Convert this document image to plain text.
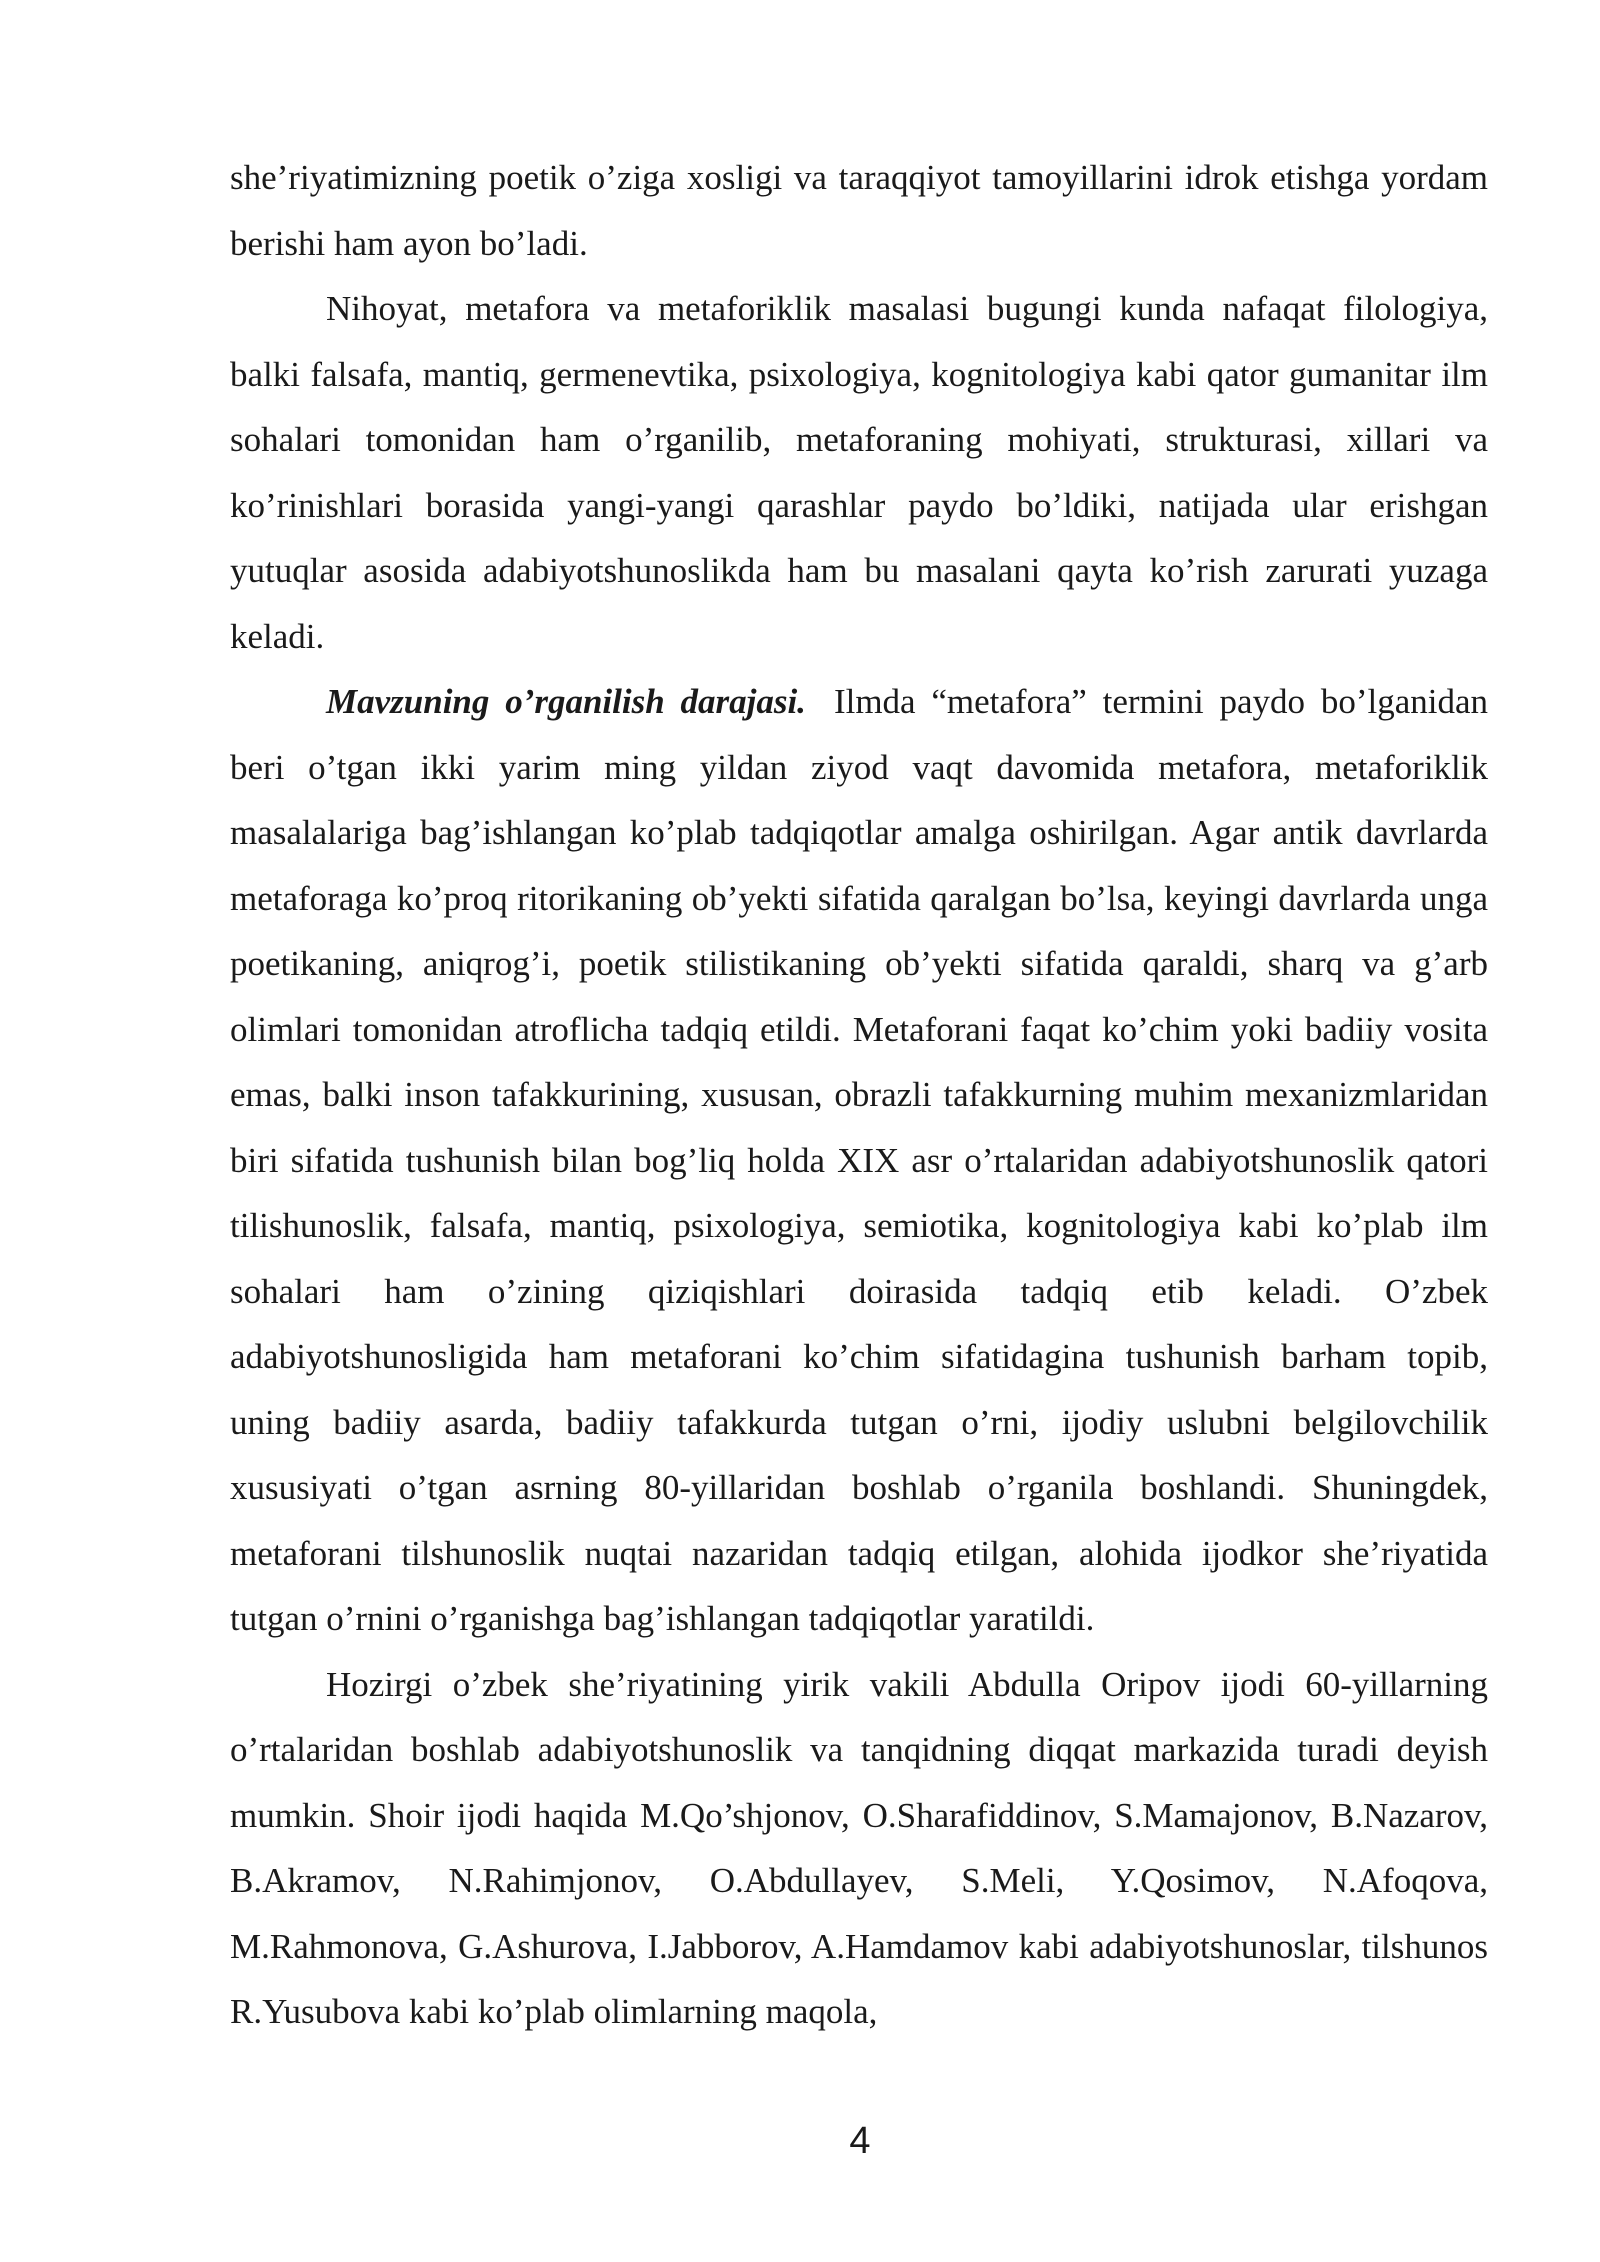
she’riyatimizning poetik o’ziga xosligi va taraqqiyot tamoyillarini idrok etishga yordam berishi ham ayon bo’ladi.

Nihoyat, metafora va metaforiklik masalasi bugungi kunda nafaqat filologiya, balki falsafa, mantiq, germenevtika, psixologiya, kognitologiya kabi qator gumanitar ilm sohalari tomonidan ham o’rganilib, metaforaning mohiyati, strukturasi, xillari va ko’rinishlari borasida yangi-yangi qarashlar paydo bo’ldiki, natijada ular erishgan yutuqlar asosida adabiyotshunoslikda ham bu masalani qayta ko’rish zarurati yuzaga keladi.

Mavzuning o’rganilish darajasi. Ilmda “metafora” termini paydo bo’lganidan beri o’tgan ikki yarim ming yildan ziyod vaqt davomida metafora, metaforiklik masalalariga bag’ishlangan ko’plab tadqiqotlar amalga oshirilgan. Agar antik davrlarda metaforaga ko’proq ritorikaning ob’yekti sifatida qaralgan bo’lsa, keyingi davrlarda unga poetikaning, aniqrog’i, poetik stilistikaning ob’yekti sifatida qaraldi, sharq va g’arb olimlari tomonidan atroflicha tadqiq etildi. Metaforani faqat ko’chim yoki badiiy vosita emas, balki inson tafakkurining, xususan, obrazli tafakkurning muhim mexanizmlaridan biri sifatida tushunish bilan bog’liq holda XIX asr o’rtalaridan adabiyotshunoslik qatori tilishunoslik, falsafa, mantiq, psixologiya, semiotika, kognitologiya kabi ko’plab ilm sohalari ham o’zining qiziqishlari doirasida tadqiq etib keladi. O’zbek adabiyotshunosligida ham metaforani ko’chim sifatidagina tushunish barham topib, uning badiiy asarda, badiiy tafakkurda tutgan o’rni, ijodiy uslubni belgilovchilik xususiyati o’tgan asrning 80-yillaridan boshlab o’rganila boshlandi. Shuningdek, metaforani tilshunoslik nuqtai nazaridan tadqiq etilgan, alohida ijodkor she’riyatida tutgan o’rnini o’rganishga bag’ishlangan tadqiqotlar yaratildi.

Hozirgi o’zbek she’riyatining yirik vakili Abdulla Oripov ijodi 60-yillarning o’rtalaridan boshlab adabiyotshunoslik va tanqidning diqqat markazida turadi deyish mumkin. Shoir ijodi haqida M.Qo’shjonov, O.Sharafiddinov, S.Mamajonov, B.Nazarov, B.Akramov, N.Rahimjonov, O.Abdullayev, S.Meli, Y.Qosimov, N.Afoqova, M.Rahmonova, G.Ashurova, I.Jabborov, A.Hamdamov kabi adabiyotshunoslar, tilshunos R.Yusubova kabi ko’plab olimlarning maqola,

4
